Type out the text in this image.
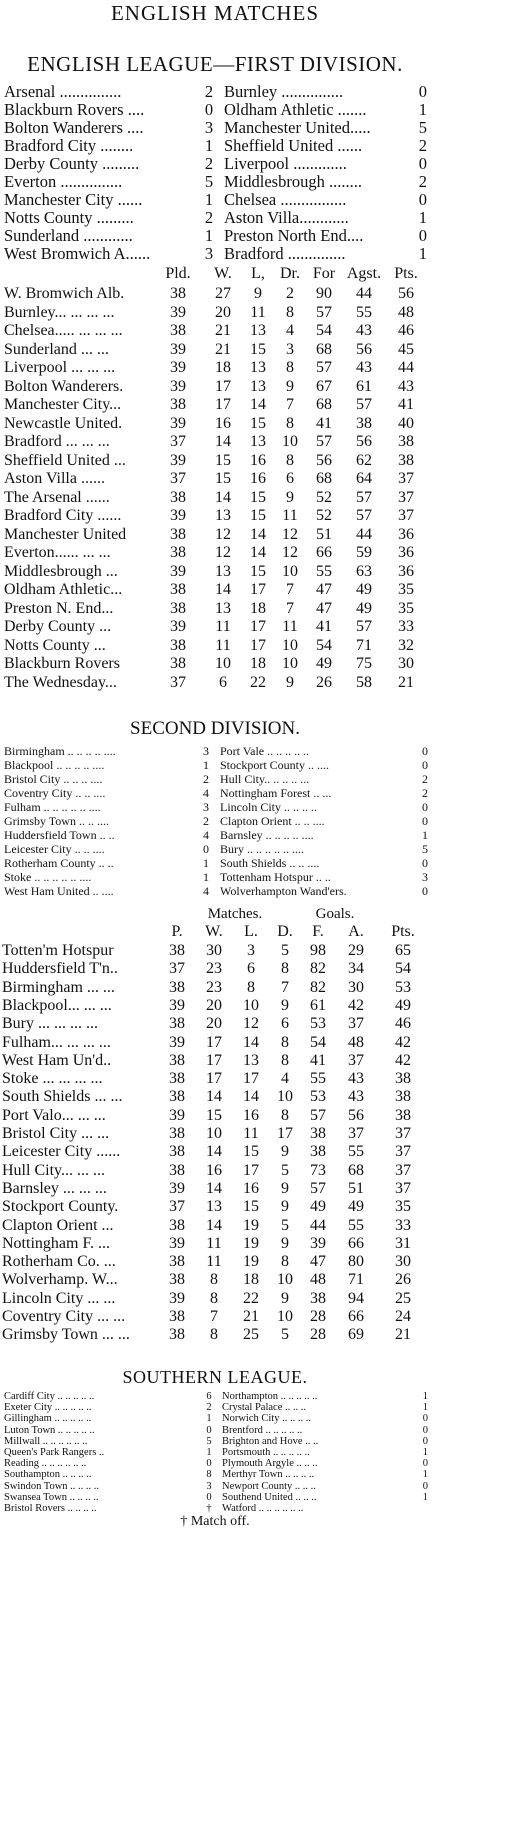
ENGLISH MATCHES
ENGLISH LEAGUE—FIRST DIVISION.
Arsenal ...............	2 Burnley ...............	0
Blackburn Rovers ....	0 Oldham Athletic .......	1
Bolton Wanderers ....	3 Manchester United.....	5
Bradford City ........	1 Sheffield United ......	2
Derby County .........	2 Liverpool .............	0
Everton ...............	5 Middlesbrough ........	2
Manchester City ......	1 Chelsea ................	0
Notts County .........	2 Aston Villa............	1
Sunderland ............	1 Preston North End....	0
West Bromwich A......	3 Bradford ..............	1
Pld.	W.	L, Dr. For Agst. Pts.
W. Bromwich Alb.	38	27	9	2	90	44	56
Burnley... ... ... ...	39	20	11	8	57	55	48
Chelsea..... ... ... ...	38	21	13	4	54	43	46
Sunderland ... ...	39	21	15	3	68	56	45
Liverpool ... ... ...	39	18	13	8	57	43	44
Bolton Wanderers.	39	17	13	9	67	61	43
Manchester City...	38	17	14	7	68	57	41
Newcastle United.	39	16	15	8	41	38	40
Bradford ... ... ...	37	14	13	10	57	56	38
Sheffield United ...	39	15	16	8	56	62	38
Aston Villa ......	37	15	16	6	68	64	37
The Arsenal ......	38	14	15	9	52	57	37
Bradford City ......	39	13	15	11	52	57	37
Manchester United	38	12	14	12	51	44	36
Everton...... ... ...	38	12	14	12	66	59	36
Middlesbrough ...	39	13	15	10	55	63	36
Oldham Athletic...	38	14	17	7	47	49	35
Preston N. End...	38	13	18	7	47	49	35
Derby County ...	39	11	17	11	41	57	33
Notts County ...	38	11	17	10	54	71	32
Blackburn Rovers	38	10	18	10	49	75	30
The Wednesday...	37	6	22	9	26	58	21
SECOND DIVISION.
Birmingham .. .. .. .. ....	3 Port Vale .. .. .. .. ..	0
Blackpool .. .. .. .. ....	1 Stockport County .. ....	0
Bristol City .. .. .. ....	2 Hull City.. .. .. .. ...	2
Coventry City .. .. ....	4 Nottingham Forest .. ...	2
Fulham .. .. .. .. .. ....	3 Lincoln City .. .. .. ..	0
Grimsby Town .. .. ....	2 Clapton Orient .. .. ....	0
Huddersfield Town .. ..	4 Barnsley .. .. .. .. ....	1
Leicester City .. .. ....	0 Bury .. .. .. .. .. ....	5
Rotherham County .. ..	1 South Shields .. .. ....	0
Stoke .. .. .. .. .. ....	1 Tottenham Hotspur .. ..	3
West Ham United .. ....	4 Wolverhampton Wand'ers.	0
Matches.	Goals.
P.	W.	L.	D.	F.	A.	Pts.
Totten'm Hotspur	38	30	3	5	98	29	65
Huddersfield T'n..	37	23	6	8	82	34	54
Birmingham ... ...	38	23	8	7	82	30	53
Blackpool... ... ...	39	20	10	9	61	42	49
Bury ... ... ... ...	38	20	12	6	53	37	46
Fulham... ... ... ...	39	17	14	8	54	48	42
West Ham Un'd..	38	17	13	8	41	37	42
Stoke ... ... ... ...	38	17	17	4	55	43	38
South Shields ... ...	38	14	14	10	53	43	38
Port Valo... ... ...	39	15	16	8	57	56	38
Bristol City ... ...	38	10	11	17	38	37	37
Leicester City ......	38	14	15	9	38	55	37
Hull City... ... ...	38	16	17	5	73	68	37
Barnsley ... ... ...	39	14	16	9	57	51	37
Stockport County.	37	13	15	9	49	49	35
Clapton Orient ...	38	14	19	5	44	55	33
Nottingham F. ...	39	11	19	9	39	66	31
Rotherham Co. ...	38	11	19	8	47	80	30
Wolverhamp. W...	38	8	18	10	48	71	26
Lincoln City ... ...	39	8	22	9	38	94	25
Coventry City ... ...	38	7	21	10	28	66	24
Grimsby Town ... ...	38	8	25	5	28	69	21
SOUTHERN LEAGUE.
Cardiff City .. .. .. .. ..	6 Northampton .. .. .. .. ..	1
Exeter City .. .. .. .. ..	2 Crystal Palace .. .. ..	1
Gillingham .. .. .. .. ..	1 Norwich City .. .. .. ..	0
Luton Town .. .. .. .. ..	0 Brentford .. .. .. .. ..	0
Millwall .. .. .. .. .. ..	5 Brighton and Hove .. ..	0
Queen's Park Rangers ..	1 Portsmouth .. .. .. .. ..	1
Reading .. .. .. .. .. ..	0 Plymouth Argyle .. .. ..	0
Southampton .. .. .. ..	8 Merthyr Town .. .. .. ..	1
Swindon Town .. .. .. ..	3 Newport County .. .. ..	0
Swansea Town .. .. .. ..	0 Southend United .. .. ..	1
Bristol Rovers .. .. .. ..	† Watford .. .. .. .. .. ..
† Match off.
